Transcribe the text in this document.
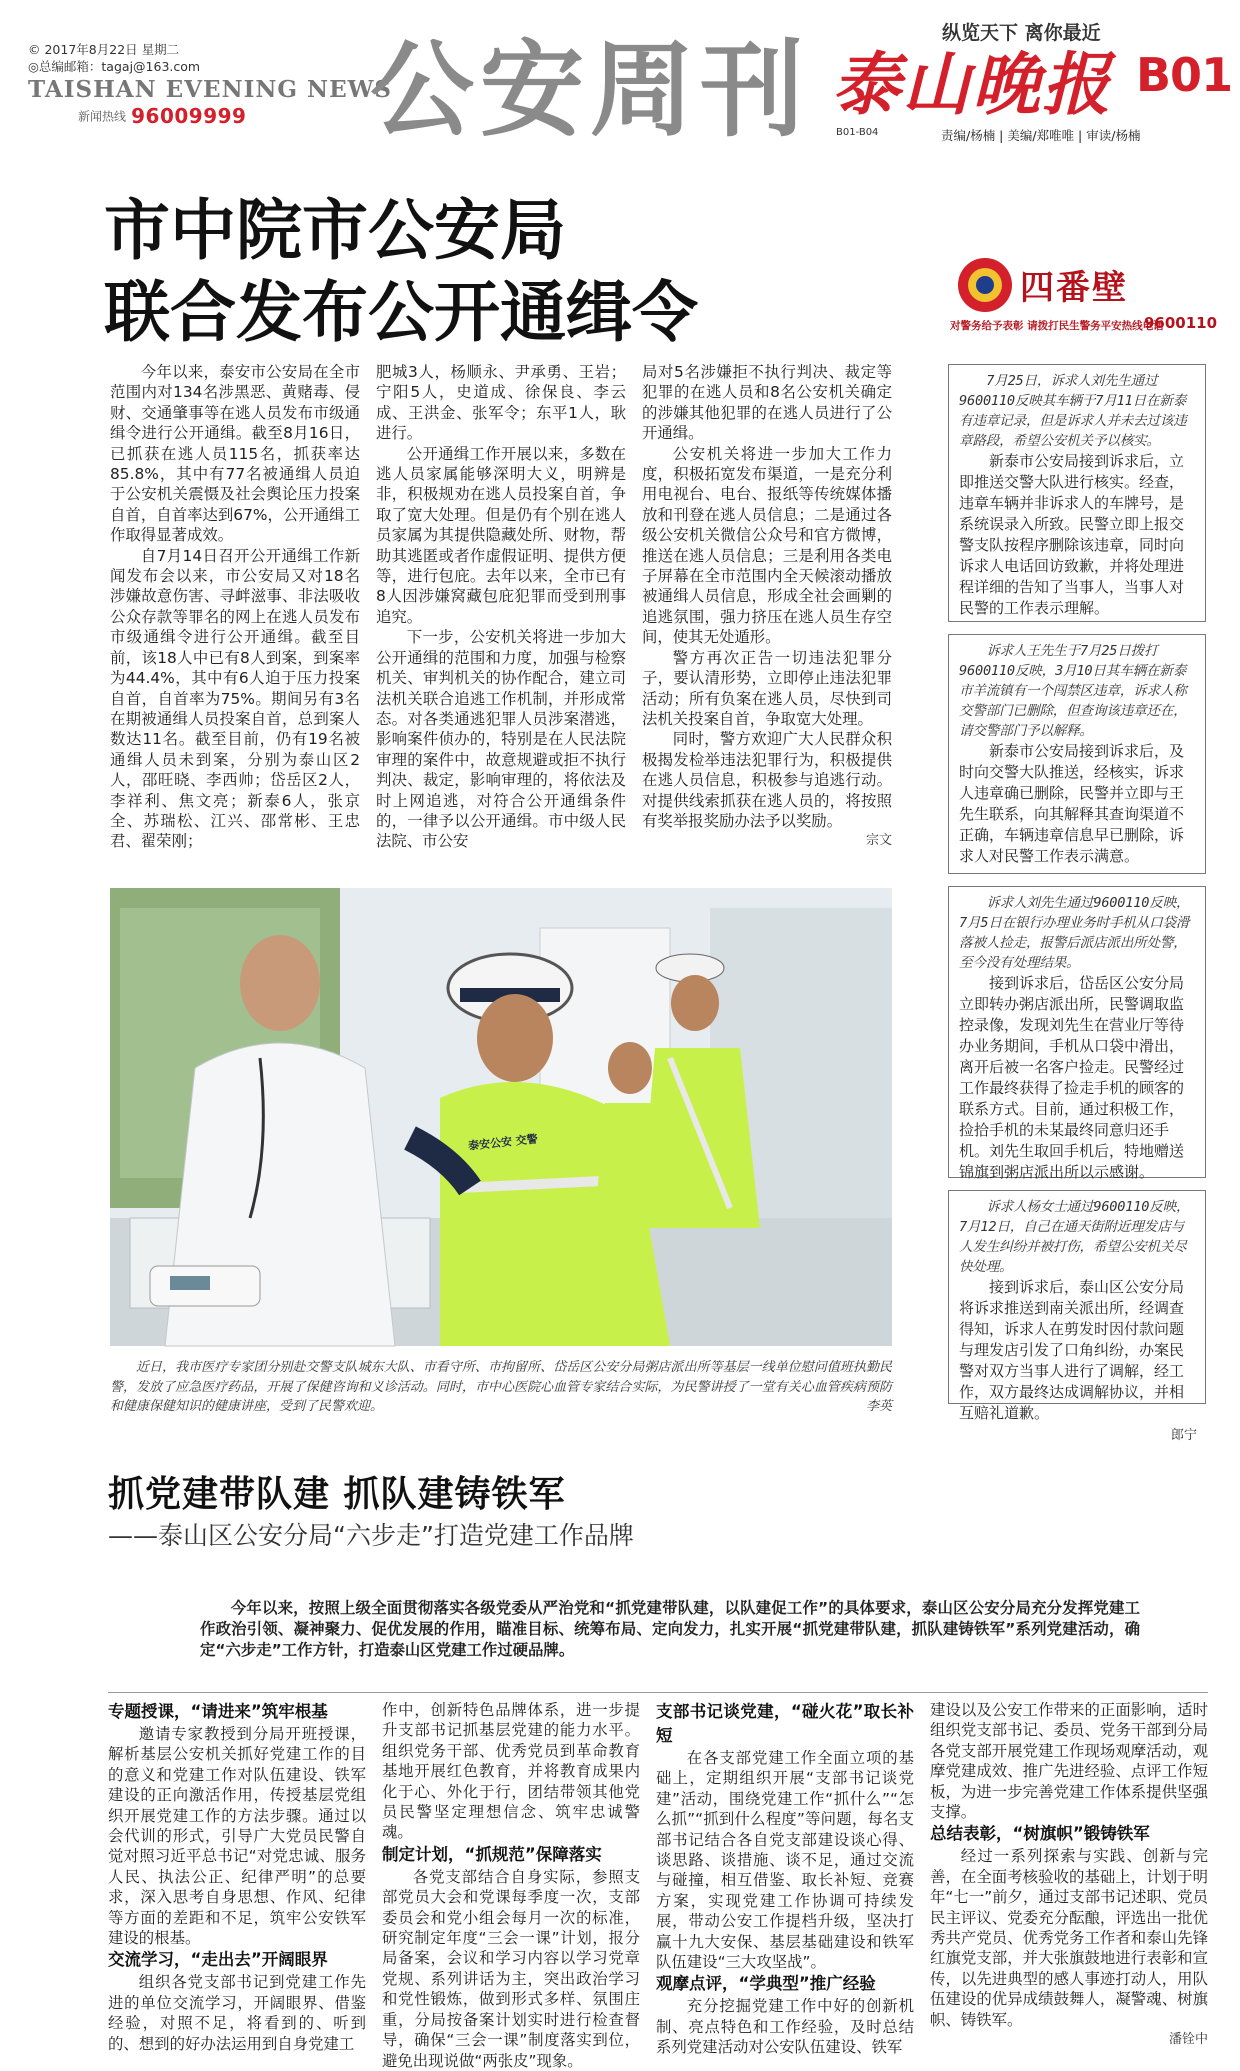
© 2017年8月22日 星期二
◎总编邮箱：tagaj@163.com
TAISHAN EVENING NEWS
新闻热线 96009999 公安周刊	纵览天下 离你最近
泰山晚报 B01
B01-B04	责编/杨楠 | 美编/郑唯唯 | 审读/杨楠
市中院市公安局
联合发布公开通缉令

今年以来，泰安市公安局在全市范围内对134名涉黑恶、黄赌毒、侵财、交通肇事等在逃人员发布市级通缉令进行公开通缉。截至8月16日，已抓获在逃人员115名，抓获率达85.8%，其中有77名被通缉人员迫于公安机关震慑及社会舆论压力投案自首，自首率达到67%，公开通缉工作取得显著成效。

自7月14日召开公开通缉工作新闻发布会以来，市公安局又对18名涉嫌故意伤害、寻衅滋事、非法吸收公众存款等罪名的网上在逃人员发布市级通缉令进行公开通缉。截至目前，该18人中已有8人到案，到案率为44.4%，其中有6人迫于压力投案自首，自首率为75%。期间另有3名在期被通缉人员投案自首，总到案人数达11名。截至目前，仍有19名被通缉人员未到案，分别为泰山区2人，邵旺晓、李西帅；岱岳区2人，李祥利、焦文亮；新泰6人，张京全、苏瑞松、江兴、邵常彬、王忠君、翟荣刚；

肥城3人，杨顺永、尹承勇、王岩；宁阳5人，史道成、徐保良、李云成、王洪金、张军令；东平1人，耿进行。

公开通缉工作开展以来，多数在逃人员家属能够深明大义，明辨是非，积极规劝在逃人员投案自首，争取了宽大处理。但是仍有个别在逃人员家属为其提供隐藏处所、财物，帮助其逃匿或者作虚假证明、提供方便等，进行包庇。去年以来，全市已有8人因涉嫌窝藏包庇犯罪而受到刑事追究。

下一步，公安机关将进一步加大公开通缉的范围和力度，加强与检察机关、审判机关的协作配合，建立司法机关联合追逃工作机制，并形成常态。对各类通逃犯罪人员涉案潜逃，影响案件侦办的，特别是在人民法院审理的案件中，故意规避或拒不执行判决、裁定，影响审理的，将依法及时上网追逃，对符合公开通缉条件的，一律予以公开通缉。市中级人民法院、市公安

局对5名涉嫌拒不执行判决、裁定等犯罪的在逃人员和8名公安机关确定的涉嫌其他犯罪的在逃人员进行了公开通缉。

公安机关将进一步加大工作力度，积极拓宽发布渠道，一是充分利用电视台、电台、报纸等传统媒体播放和刊登在逃人员信息；二是通过各级公安机关微信公众号和官方微博，推送在逃人员信息；三是利用各类电子屏幕在全市范围内全天候滚动播放被通缉人员信息，形成全社会画剿的追逃氛围，强力挤压在逃人员生存空间，使其无处遁形。

警方再次正告一切违法犯罪分子，要认清形势，立即停止违法犯罪活动；所有负案在逃人员，尽快到司法机关投案自首，争取宽大处理。

同时，警方欢迎广大人民群众积极揭发检举违法犯罪行为，积极提供在逃人员信息，积极参与追逃行动。对提供线索抓获在逃人员的，将按照有奖举报奖励办法予以奖励。

宗文
泰安公安 交警
近日，我市医疗专家团分别赴交警支队城东大队、市看守所、市拘留所、岱岳区公安分局粥店派出所等基层一线单位慰问值班执勤民警，发放了应急医疗药品，开展了保健咨询和义诊活动。同时，市中心医院心血管专家结合实际，为民警讲授了一堂有关心血管疾病预防和健康保健知识的健康讲座，受到了民警欢迎。	李英
四番壁
对警务给予表彰 请拨打民生警务平安热线电话
9600110

7月25日，诉求人刘先生通过9600110反映其车辆于7月11日在新泰有违章记录，但是诉求人并未去过该违章路段，希望公安机关予以核实。

新泰市公安局接到诉求后，立即推送交警大队进行核实。经查，违章车辆并非诉求人的车牌号，是系统误录入所致。民警立即上报交警支队按程序删除该违章，同时向诉求人电话回访致歉，并将处理进程详细的告知了当事人，当事人对民警的工作表示理解。

诉求人王先生于7月25日拨打9600110反映，3月10日其车辆在新泰市羊流镇有一个闯禁区违章，诉求人称交警部门已删除，但查询该违章还在，请交警部门予以解释。

新泰市公安局接到诉求后，及时向交警大队推送，经核实，诉求人违章确已删除，民警并立即与王先生联系，向其解释其查询渠道不正确，车辆违章信息早已删除，诉求人对民警工作表示满意。

诉求人刘先生通过9600110反映，7月5日在银行办理业务时手机从口袋滑落被人捡走，报警后派店派出所处警，至今没有处理结果。

接到诉求后，岱岳区公安分局立即转办粥店派出所，民警调取监控录像，发现刘先生在营业厅等待办业务期间，手机从口袋中滑出，离开后被一名客户捡走。民警经过工作最终获得了捡走手机的顾客的联系方式。目前，通过积极工作，捡拾手机的未某最终同意归还手机。刘先生取回手机后，特地赠送锦旗到粥店派出所以示感谢。

诉求人杨女士通过9600110反映，7月12日，自己在通天街附近理发店与人发生纠纷并被打伤，希望公安机关尽快处理。

接到诉求后，泰山区公安分局将诉求推送到南关派出所，经调查得知，诉求人在剪发时因付款问题与理发店引发了口角纠纷，办案民警对双方当事人进行了调解，经工作，双方最终达成调解协议，并相互赔礼道歉。

郎宁
抓党建带队建 抓队建铸铁军
——泰山区公安分局“六步走”打造党建工作品牌
今年以来，按照上级全面贯彻落实各级党委从严治党和“抓党建带队建，以队建促工作”的具体要求，泰山区公安分局充分发挥党建工作政治引领、凝神聚力、促优发展的作用，瞄准目标、统筹布局、定向发力，扎实开展“抓党建带队建，抓队建铸铁军”系列党建活动，确定“六步走”工作方针，打造泰山区党建工作过硬品牌。

专题授课，“请进来”筑牢根基

邀请专家教授到分局开班授课，解析基层公安机关抓好党建工作的目的意义和党建工作对队伍建设、铁军建设的正向激活作用，传授基层党组织开展党建工作的方法步骤。通过以会代训的形式，引导广大党员民警自觉对照习近平总书记“对党忠诚、服务人民、执法公正、纪律严明”的总要求，深入思考自身思想、作风、纪律等方面的差距和不足，筑牢公安铁军建设的根基。

交流学习，“走出去”开阔眼界

组织各党支部书记到党建工作先进的单位交流学习，开阔眼界、借鉴经验，对照不足，将看到的、听到的、想到的好办法运用到自身党建工

作中，创新特色品牌体系，进一步提升支部书记抓基层党建的能力水平。组织党务干部、优秀党员到革命教育基地开展红色教育，并将教育成果内化于心、外化于行，团结带领其他党员民警坚定理想信念、筑牢忠诚警魂。

制定计划，“抓规范”保障落实

各党支部结合自身实际，参照支部党员大会和党课每季度一次，支部委员会和党小组会每月一次的标准，研究制定年度“三会一课”计划，报分局备案，会议和学习内容以学习党章党规、系列讲话为主，突出政治学习和党性锻炼，做到形式多样、氛围庄重，分局按备案计划实时进行检查督导，确保“三会一课”制度落实到位，避免出现说做“两张皮”现象。

支部书记谈党建，“碰火花”取长补短

在各支部党建工作全面立项的基础上，定期组织开展“支部书记谈党建”活动，围绕党建工作“抓什么”“怎么抓”“抓到什么程度”等问题，每名支部书记结合各自党支部建设谈心得、谈思路、谈措施、谈不足，通过交流与碰撞，相互借鉴、取长补短、竞赛方案，实现党建工作协调可持续发展，带动公安工作提档升级，坚决打赢十九大安保、基层基础建设和铁军队伍建设“三大攻坚战”。

观摩点评，“学典型”推广经验

充分挖掘党建工作中好的创新机制、亮点特色和工作经验，及时总结系列党建活动对公安队伍建设、铁军

建设以及公安工作带来的正面影响，适时组织党支部书记、委员、党务干部到分局各党支部开展党建工作现场观摩活动，观摩党建成效、推广先进经验、点评工作短板，为进一步完善党建工作体系提供坚强支撑。

总结表彰，“树旗帜”锻铸铁军

经过一系列探索与实践、创新与完善，在全面考核验收的基础上，计划于明年“七一”前夕，通过支部书记述职、党员民主评议、党委充分酝酿，评选出一批优秀共产党员、优秀党务工作者和泰山先锋红旗党支部，并大张旗鼓地进行表彰和宣传，以先进典型的感人事迹打动人，用队伍建设的优异成绩鼓舞人，凝警魂、树旗帜、铸铁军。

潘铨中
